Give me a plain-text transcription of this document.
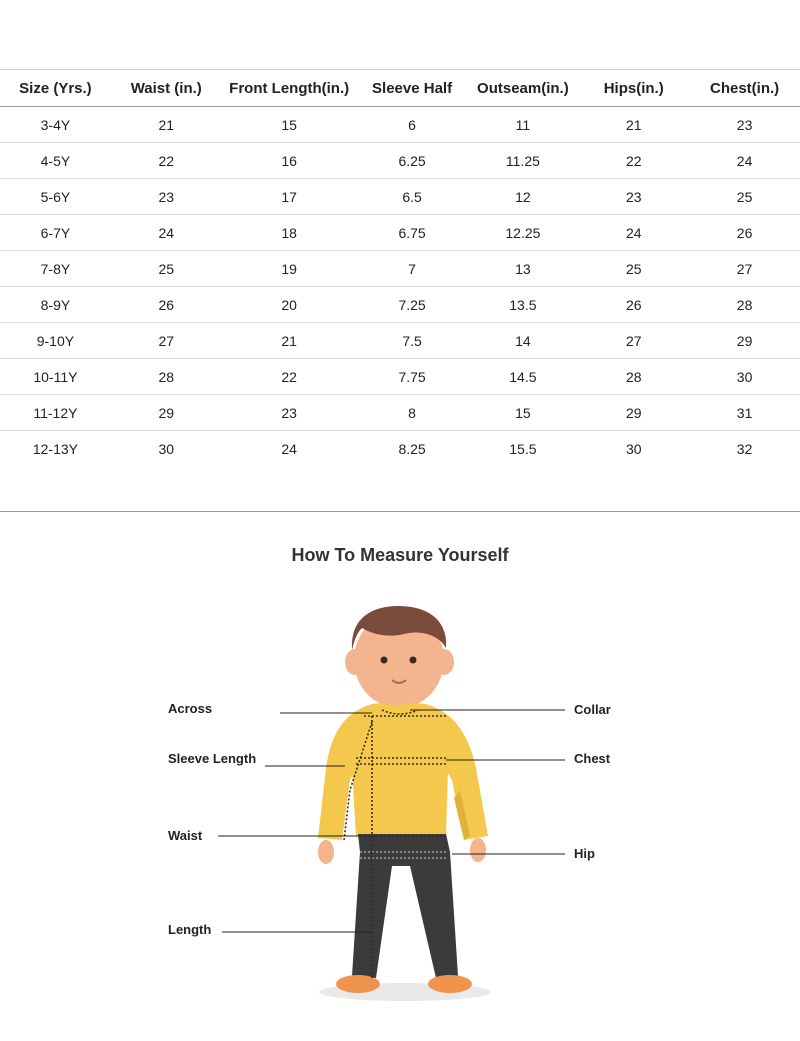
Size (Yrs.)	Waist (in.)	Front Length(in.)	Sleeve Half	Outseam(in.)	Hips(in.)	Chest(in.)
3-4Y	21	15	6	11	21	23
4-5Y	22	16	6.25	11.25	22	24
5-6Y	23	17	6.5	12	23	25
6-7Y	24	18	6.75	12.25	24	26
7-8Y	25	19	7	13	25	27
8-9Y	26	20	7.25	13.5	26	28
9-10Y	27	21	7.5	14	27	29
10-11Y	28	22	7.75	14.5	28	30
11-12Y	29	23	8	15	29	31
12-13Y	30	24	8.25	15.5	30	32
How To Measure Yourself
Across
Sleeve Length
Waist
Length
Collar
Chest
Hip
